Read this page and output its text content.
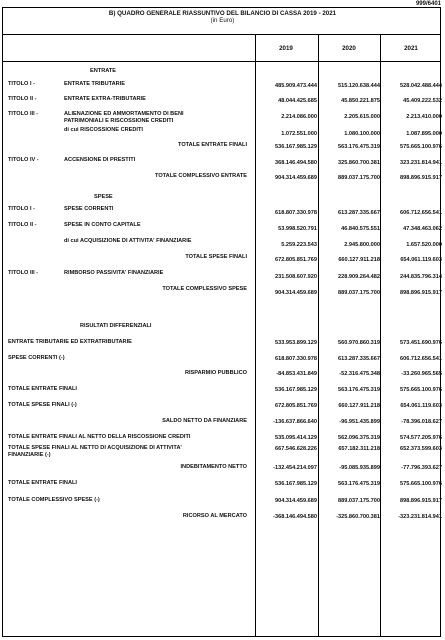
999/6401
B) QUADRO GENERALE RIASSUNTIVO DEL BILANCIO DI CASSA 2019 - 2021
(in Euro)
2019	2020	2021
ENTRATE
TITOLO I -	ENTRATE TRIBUTARIE	485.909.473.444	515.120.638.444	528.042.488.444
TITOLO II -	ENTRATE EXTRA-TRIBUTARIE	48.044.425.685	45.850.221.875	45.409.222.532
TITOLO III -	ALIENAZIONE ED AMMORTAMENTO DI BENI PATRIMONIALI E RISCOSSIONE CREDITI
2.214.086.000	2.205.615.000	2.213.410.000
di cui RISCOSSIONE CREDITI
1.072.551.000	1.080.100.000	1.087.895.000
TOTALE ENTRATE FINALI	536.167.985.129	563.176.475.319	575.665.100.976
TITOLO IV -	ACCENSIONE DI PRESTITI	368.146.494.580	325.860.700.381	323.231.814.941
TOTALE COMPLESSIVO ENTRATE	904.314.459.689	889.037.175.700	898.896.915.917
SPESE
TITOLO I -	SPESE CORRENTI
618.807.330.978	613.287.335.667	606.712.656.541
TITOLO II -	SPESE IN CONTO CAPITALE
53.998.520.791	46.840.575.551	47.348.463.062
di cui ACQUISIZIONE DI ATTIVITA' FINANZIARIE
5.259.223.543	2.945.800.000	1.657.520.000
TOTALE SPESE FINALI	672.805.851.769	660.127.911.218	654.061.119.603
TITOLO III -	RIMBORSO PASSIVITA' FINANZIARIE
231.508.607.920	228.909.264.482	244.835.796.314
TOTALE COMPLESSIVO SPESE
904.314.459.689	889.037.175.700	898.896.915.917
RISULTATI DIFFERENZIALI
ENTRATE TRIBUTARIE ED EXTRATRIBUTARIE	533.953.899.129	560.970.860.319	573.451.690.976
SPESE CORRENTI (-)	618.807.330.978	613.287.335.667	606.712.656.541
RISPARMIO PUBBLICO	-84.853.431.849	-52.316.475.348	-33.260.965.565
TOTALE ENTRATE FINALI	536.167.985.129	563.176.475.319	575.665.100.976
TOTALE SPESE FINALI (-)	672.805.851.769	660.127.911.218	654.061.119.603
SALDO NETTO DA FINANZIARE	-136.637.866.640	-96.951.435.899	-78.396.018.627
TOTALE ENTRATE FINALI AL NETTO DELLA RISCOSSIONE CREDITI	535.095.414.129	562.096.375.319	574.577.205.976
TOTALE SPESE FINALI AL NETTO DI ACQUISIZIONE DI ATTIVITA' FINANZIARIE (-)
667.546.628.226	657.182.311.218	652.373.599.603
INDEBITAMENTO NETTO	-132.454.214.097	-95.085.935.899	-77.796.393.627
TOTALE ENTRATE FINALI	536.167.985.129	563.176.475.319	575.665.100.976
TOTALE COMPLESSIVO SPESE (-)	904.314.459.689	889.037.175.700	898.896.915.917
RICORSO AL MERCATO	-368.146.494.580	-325.860.700.381	-323.231.814.941
